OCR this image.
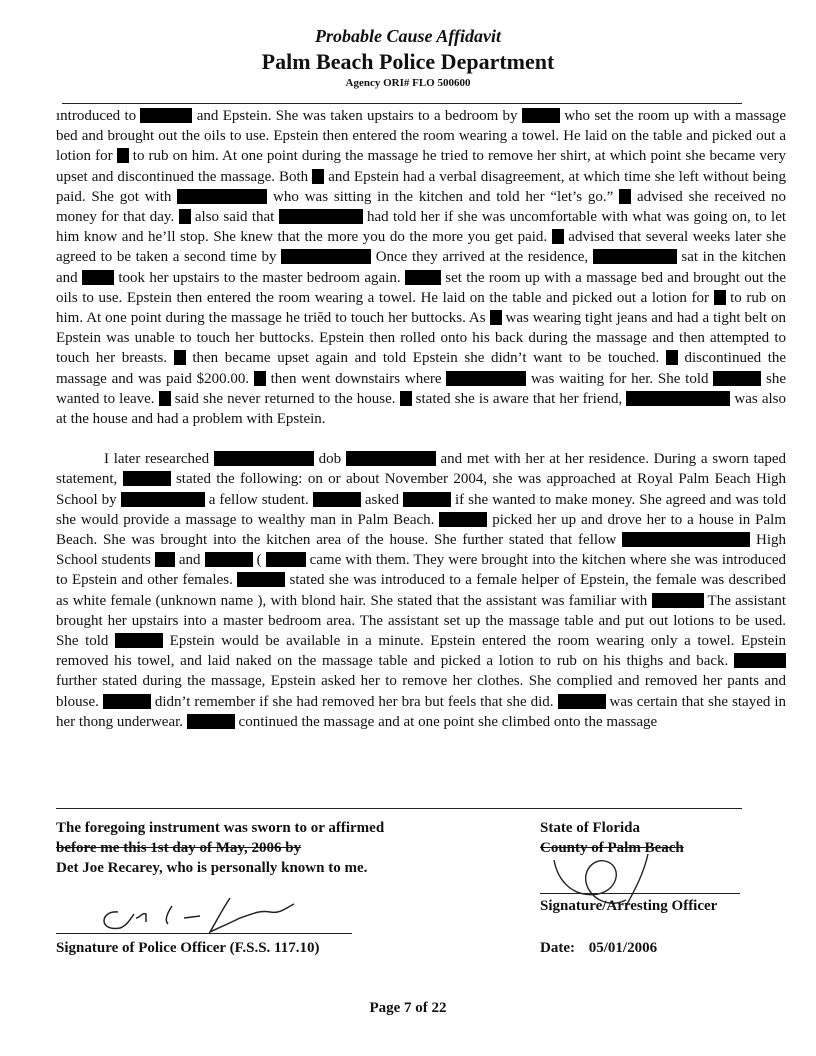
Probable Cause Affidavit
Palm Beach Police Department
Agency ORI# FLO 500600

ıntroduced to	and Epstein. She was taken upstairs to a bedroom by	who set the room up with a massage bed and brought out the oils to use. Epstein then entered the room wearing a towel. He laid on the table and picked out a lotion for to rub on him. At one point during the massage he tried to remove her shirt, at which point she became very upset and discontinued the massage. Both and Epstein had a verbal disagreement, at which time she left without being paid. She got with	who was sitting in the kitchen and told her “let’s go.” advised she received no money for that day. also said that	had told her if she was uncomfortable with what was going on, to let him know and he’ll stop. She knew that the more you do the more you get paid. advised that several weeks later she agreed to be taken a second time by	Once they arrived at the residence,	sat in the kitchen and	took her upstairs to the master bedroom again.	set the room up with a massage bed and brought out the oils to use. Epstein then entered the room wearing a towel. He laid on the table and picked out a lotion for to rub on him. At one point during the massage he triĕd to touch her buttocks. As was wearing tight jeans and had a tight belt on Epstein was unable to touch her buttocks. Epstein then rolled onto his back during the massage and then attempted to touch her breasts. then became upset again and told Epstein she didn’t want to be touched. discontinued the massage and was paid $200.00. then went downstairs where	was waiting for her. She told	she wanted to leave. said she never returned to the house. stated she is aware that her friend,	was also at the house and had a problem with Epstein.

I later researched	dob	and met with her at her residence. During a sworn taped statement,	stated the following: on or about November 2004, she was approached at Royal Palm Бeach High School by	a fellow student.	asked	if she wanted to make money. She agreed and was told she would provide a massage to wealthy man in Palm Beach.	picked her up and drove her to a house in Palm Beach. She was brought into the kitchen area of the house. She further stated that fellow	High School students and	(	came with them. They were brought into the kitchen where she was introduced to Epstein and other females.	stated she was introduced to a female helper of Epstein, the female was described as white female (unknown name ), with blond hair. She stated that the assistant was familiar with	The assistant brought her upstairs into a master bedroom area. The assistant set up the massage table and put out lotions to be used. She told	Epstein would be available in a minute. Epstein entered the room wearing only a towel. Epstein removed his towel, and laid naked on the massage table and picked a lotion to rub on his thighs and back.  further stated during the massage, Epstein asked her to remove her clothes. She complied and removed her pants and blouse.	didn’t remember if she had removed her bra but feels that she did.	was certain that she stayed in her thong underwear.	continued the massage and at one point she climbed onto the massage

The foregoing instrument was sworn to or affirmed
before me this 1st day of May, 2006 by
Det Joe Recarey, who is personally known to me.
State of Florida
County of Palm Beach
Signature of Police Officer (F.S.S. 117.10)
Signature/Arresting Officer
Date: 05/01/2006
Page 7 of 22
